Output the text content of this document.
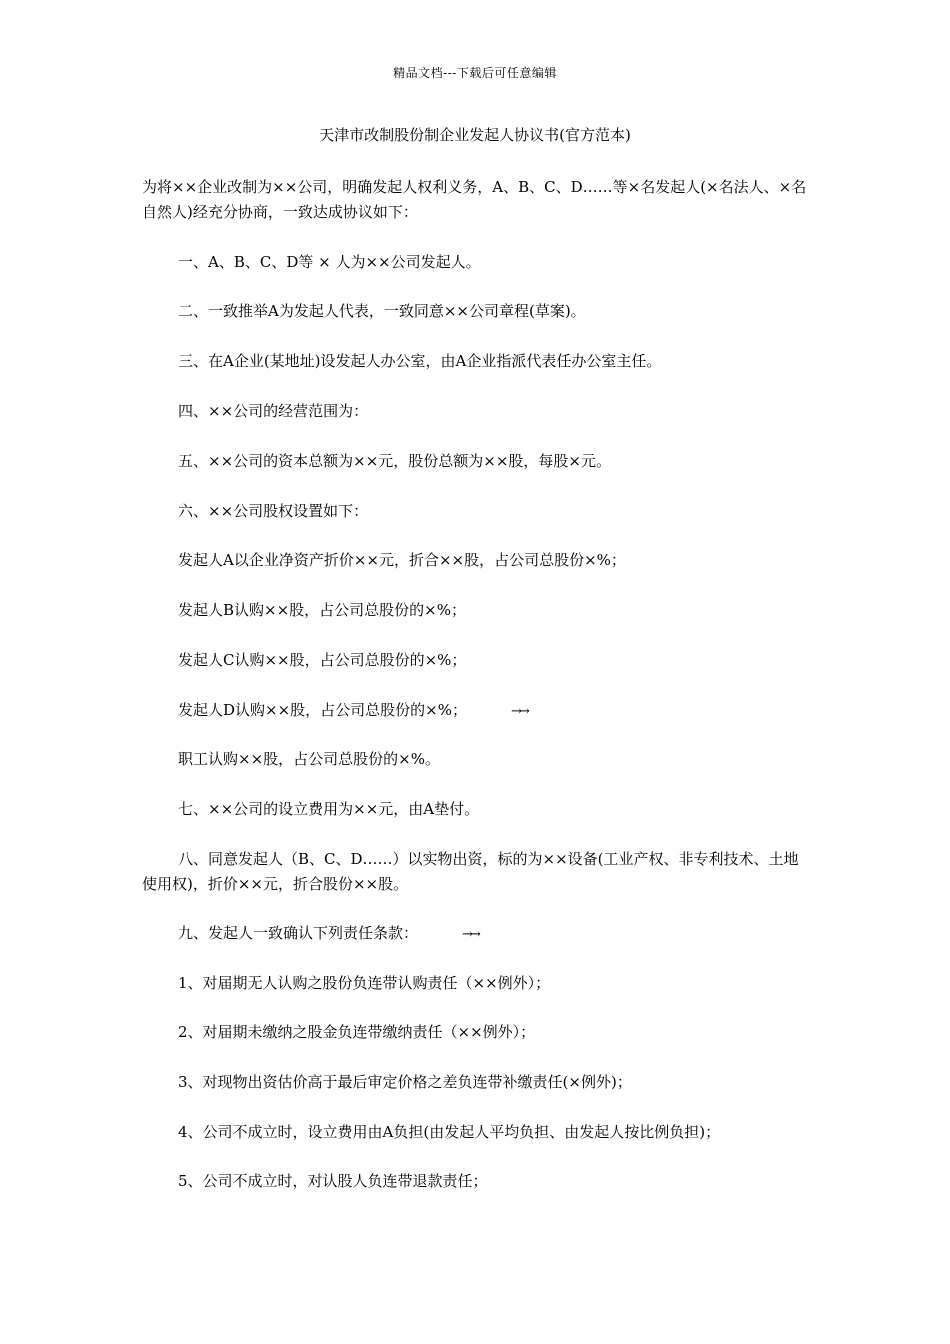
精品文档---下载后可任意编辑
天津市改制股份制企业发起人协议书(官方范本)
为将××企业改制为××公司，明确发起人权利义务，A、B、C、D……等×名发起人(×名法人、×名自然人)经充分协商，一致达成协议如下：
一、A、B、C、D等 × 人为××公司发起人。
二、一致推举A为发起人代表，一致同意××公司章程(草案)。
三、在A企业(某地址)设发起人办公室，由A企业指派代表任办公室主任。
四、××公司的经营范围为：
五、××公司的资本总额为××元，股份总额为××股，每股×元。
六、××公司股权设置如下：
发起人A以企业净资产折价××元，折合××股，占公司总股份×%；
发起人B认购××股，占公司总股份的×%；
发起人C认购××股，占公司总股份的×%；
发起人D认购××股，占公司总股份的×%；	→→
职工认购××股，占公司总股份的×%。
七、××公司的设立费用为××元，由A垫付。
八、同意发起人（B、C、D……）以实物出资，标的为××设备(工业产权、非专利技术、土地使用权)，折价××元，折合股份××股。
九、发起人一致确认下列责任条款：	→→
1、对届期无人认购之股份负连带认购责任（××例外）；
2、对届期未缴纳之股金负连带缴纳责任（××例外）；
3、对现物出资估价高于最后审定价格之差负连带补缴责任(×例外)；
4、公司不成立时，设立费用由A负担(由发起人平均负担、由发起人按比例负担)；
5、公司不成立时，对认股人负连带退款责任；
